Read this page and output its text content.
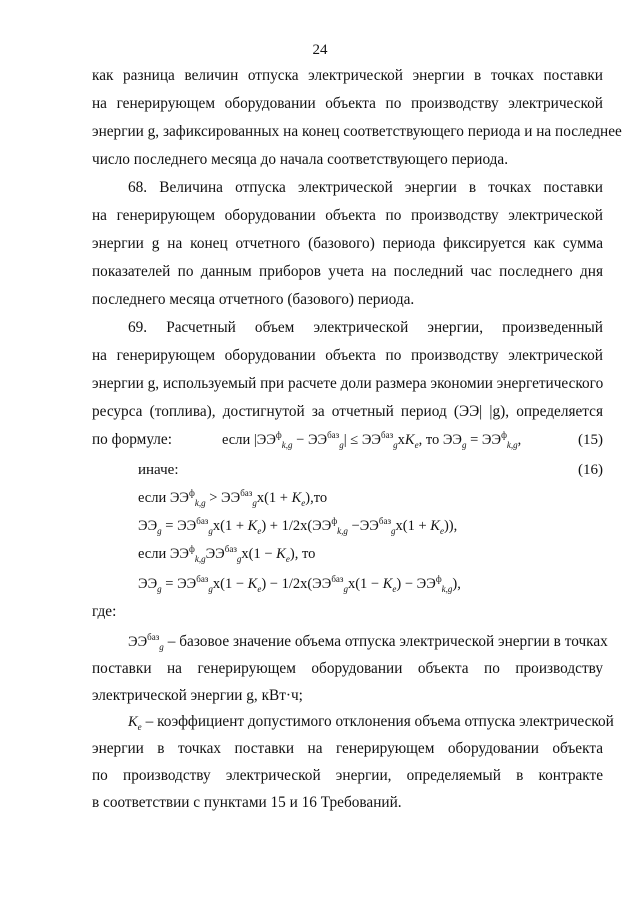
24
как разница величин отпуска электрической энергии в точках поставки
на генерирующем оборудовании объекта по производству электрической
энергии g, зафиксированных на конец соответствующего периода и на последнее
число последнего месяца до начала соответствующего периода.
68. Величина отпуска электрической энергии в точках поставки
на генерирующем оборудовании объекта по производству электрической
энергии g на конец отчетного (базового) периода фиксируется как сумма
показателей по данным приборов учета на последний час последнего дня
последнего месяца отчетного (базового) периода.
69. Расчетный объем электрической энергии, произведенный
на генерирующем оборудовании объекта по производству электрической
энергии g, используемый при расчете доли размера экономии энергетического
ресурса (топлива), достигнутой за отчетный период (ЭЭ| |g), определяется
по формуле:	если $|ЭЭ^ф_{k,g} - ЭЭ^{баз}_g| \le ЭЭ^{баз}_gхK_e$, то $ЭЭ_g = ЭЭ^ф_{k,g}$,	(15)
иначе:	(16)
если $ЭЭ^ф_{k,g} > ЭЭ^{баз}_gх(1 + K_e),то$
$ЭЭ_g = ЭЭ^{баз}_gх(1 + K_e) + 1/2х(ЭЭ^ф_{k,g} -ЭЭ^{баз}_gх(1 + K_e))$,
если $ЭЭ^ф_{k,g}ЭЭ^{баз}_gх(1 - K_e)$, то
$ЭЭ_g = ЭЭ^{баз}_gх(1 - K_e) - 1/2х(ЭЭ^{баз}_gх(1 - K_e) - ЭЭ^ф_{k,g})$,
где:
$ЭЭ^{баз}_g$ – базовое значение объема отпуска электрической энергии в точках
поставки на генерирующем оборудовании объекта по производству
электрической энергии g, кВт·ч;
$K_e$ – коэффициент допустимого отклонения объема отпуска электрической
энергии в точках поставки на генерирующем оборудовании объекта
по производству электрической энергии, определяемый в контракте
в соответствии с пунктами 15 и 16 Требований.
